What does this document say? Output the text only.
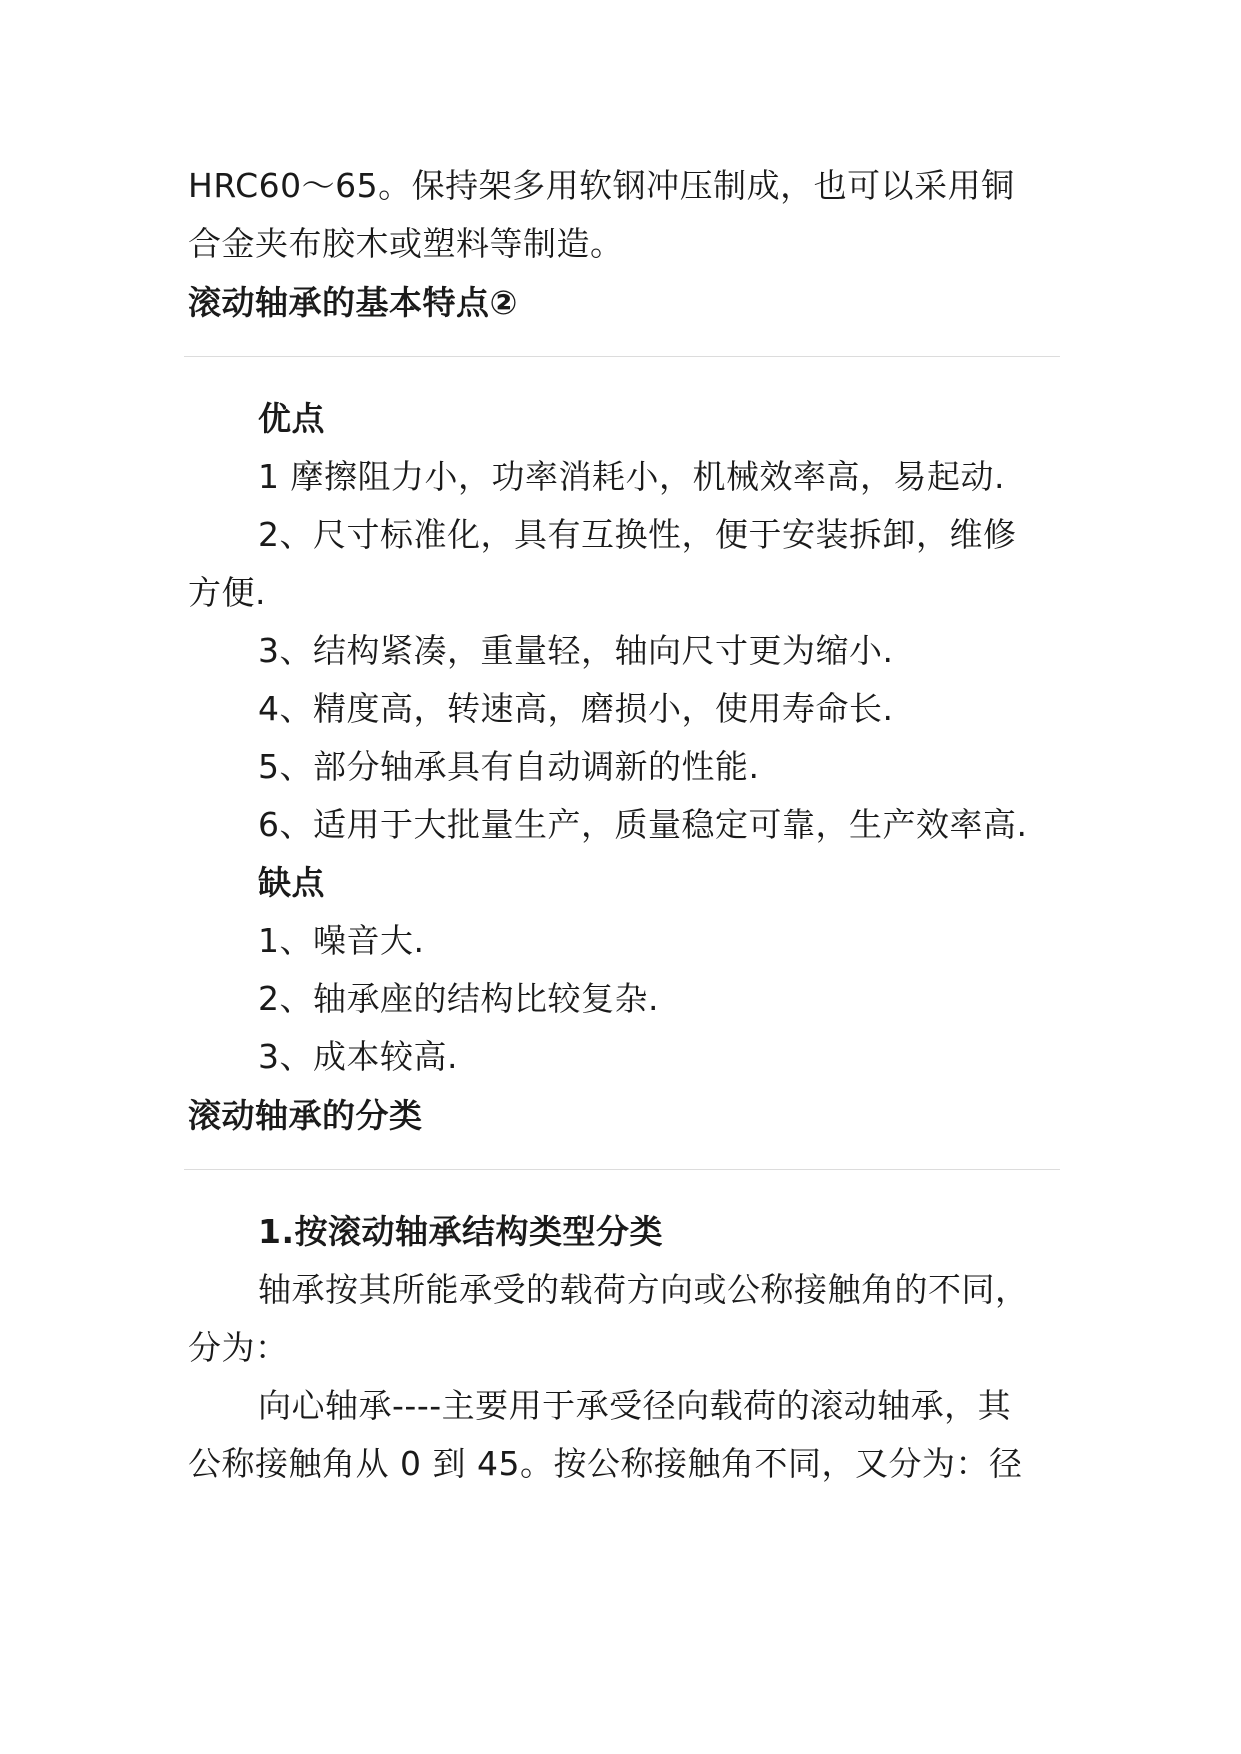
HRC60～65。保持架多用软钢冲压制成，也可以采用铜
合金夹布胶木或塑料等制造。
滚动轴承的基本特点②
优点
1 摩擦阻力小，功率消耗小，机械效率高，易起动.
2、尺寸标准化，具有互换性，便于安装拆卸，维修
方便.
3、结构紧凑，重量轻，轴向尺寸更为缩小.
4、精度高，转速高，磨损小，使用寿命长.
5、部分轴承具有自动调新的性能.
6、适用于大批量生产，质量稳定可靠，生产效率高.
缺点
1、噪音大.
2、轴承座的结构比较复杂.
3、成本较高.
滚动轴承的分类
1.按滚动轴承结构类型分类
轴承按其所能承受的载荷方向或公称接触角的不同，
分为：
向心轴承----主要用于承受径向载荷的滚动轴承，其
公称接触角从 0 到 45。按公称接触角不同，又分为：径
